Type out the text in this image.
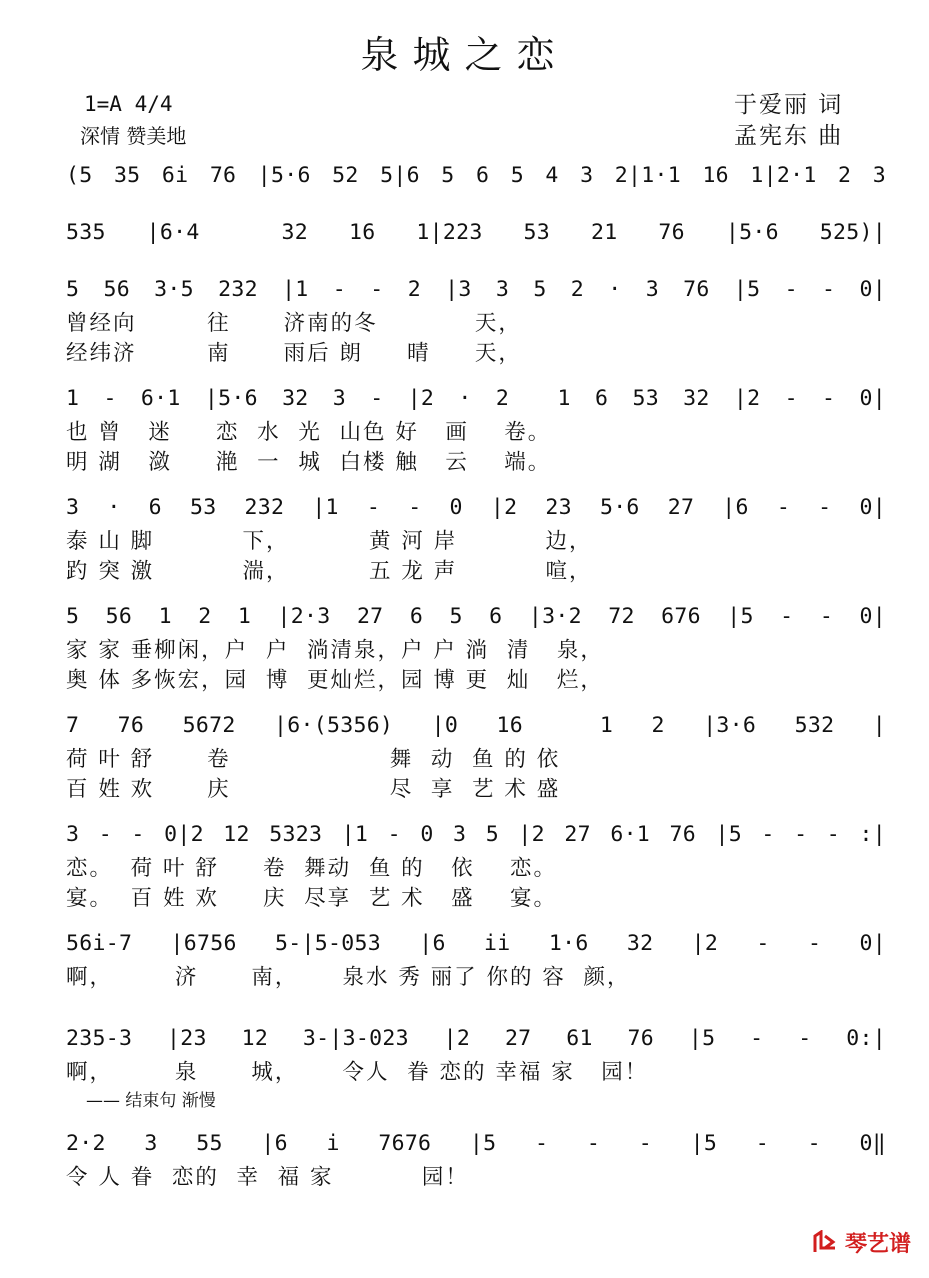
泉城之恋
1=A 4/4
深情 赞美地
于爱丽 词
孟宪东 曲
(5 35 6i 76 |5·6 52 5|6 5 6 5 4 3 2|1·1 16 1|2·1 2 3
535 |6·4  32 16 1|223 53 21 76 |5·6 525)|
5 56 3·5 232 |1 - - 2 |3 3 5 2 · 3 76 |5 - - 0|
曾经向        往      济南的冬           天，
经纬济        南      雨后 朗     晴     天，
1 - 6·1 |5·6 32 3 - |2 · 2  1 6 53 32 |2 - - 0|
也 曾   迷     恋  水  光  山色 好   画    卷。
明 湖   潋     滟  一  城  白楼 触   云    端。
3 · 6 53 232 |1 - - 0 |2 23 5·6 27 |6 - - 0|
泰 山 脚          下，         黄 河 岸          边，
趵 突 激          湍，         五 龙 声          喧，
5 56 1 2 1 |2·3 27 6 5 6 |3·2 72 676 |5 - - 0|
家 家 垂柳闲，户  户  淌清泉，户 户 淌  清   泉，
奥 体 多恢宏，园  博  更灿烂，园 博 更  灿   烂，
7 76 5672 |6·(5356) |0 16  1 2 |3·6 532 |
荷 叶 舒      卷                  舞  动  鱼 的 依
百 姓 欢      庆                  尽  享  艺 术 盛
3 - - 0|2 12 5323 |1 - 0 3 5 |2 27 6·1 76 |5 - - - :|
恋。  荷 叶 舒     卷  舞动  鱼 的   依    恋。
宴。  百 姓 欢     庆  尽享  艺 术   盛    宴。
56i-7 |6756 5-|5-053 |6 ii 1·6 32 |2 - - 0|
啊，       济      南，     泉水 秀 丽了 你的 容  颜，
235-3 |23 12 3-|3-023 |2 27 61 76 |5 - - 0:|
啊，       泉      城，     令人  眷 恋的 幸福 家   园！
—— 结束句 渐慢
2·2 3 55 |6 i 7676 |5 - - - |5 - - 0‖
令 人 眷  恋的  幸  福 家          园！
琴艺谱
